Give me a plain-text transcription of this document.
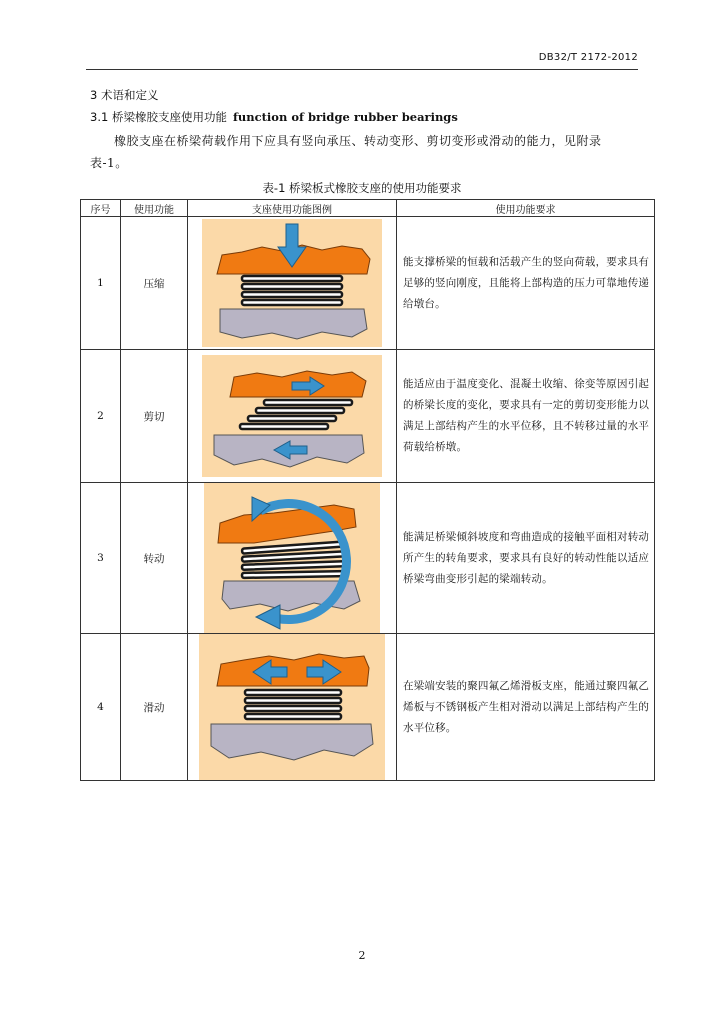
DB32/T 2172-2012
3 术语和定义
3.1 桥梁橡胶支座使用功能 function of bridge rubber bearings
橡胶支座在桥梁荷载作用下应具有竖向承压、转动变形、剪切变形或滑动的能力，见附录表-1。
表-1 桥梁板式橡胶支座的使用功能要求
序号	使用功能	支座使用功能图例	使用功能要求
1	压缩		能支撑桥梁的恒载和活载产生的竖向荷载，要求具有足够的竖向刚度，且能将上部构造的压力可靠地传递给墩台。
2	剪切		能适应由于温度变化、混凝土收缩、徐变等原因引起的桥梁长度的变化，要求具有一定的剪切变形能力以满足上部结构产生的水平位移，且不转移过量的水平荷载给桥墩。
3	转动		能满足桥梁倾斜坡度和弯曲造成的接触平面相对转动所产生的转角要求，要求具有良好的转动性能以适应桥梁弯曲变形引起的梁端转动。
4	滑动		在梁端安装的聚四氟乙烯滑板支座，能通过聚四氟乙烯板与不锈钢板产生相对滑动以满足上部结构产生的水平位移。
2
